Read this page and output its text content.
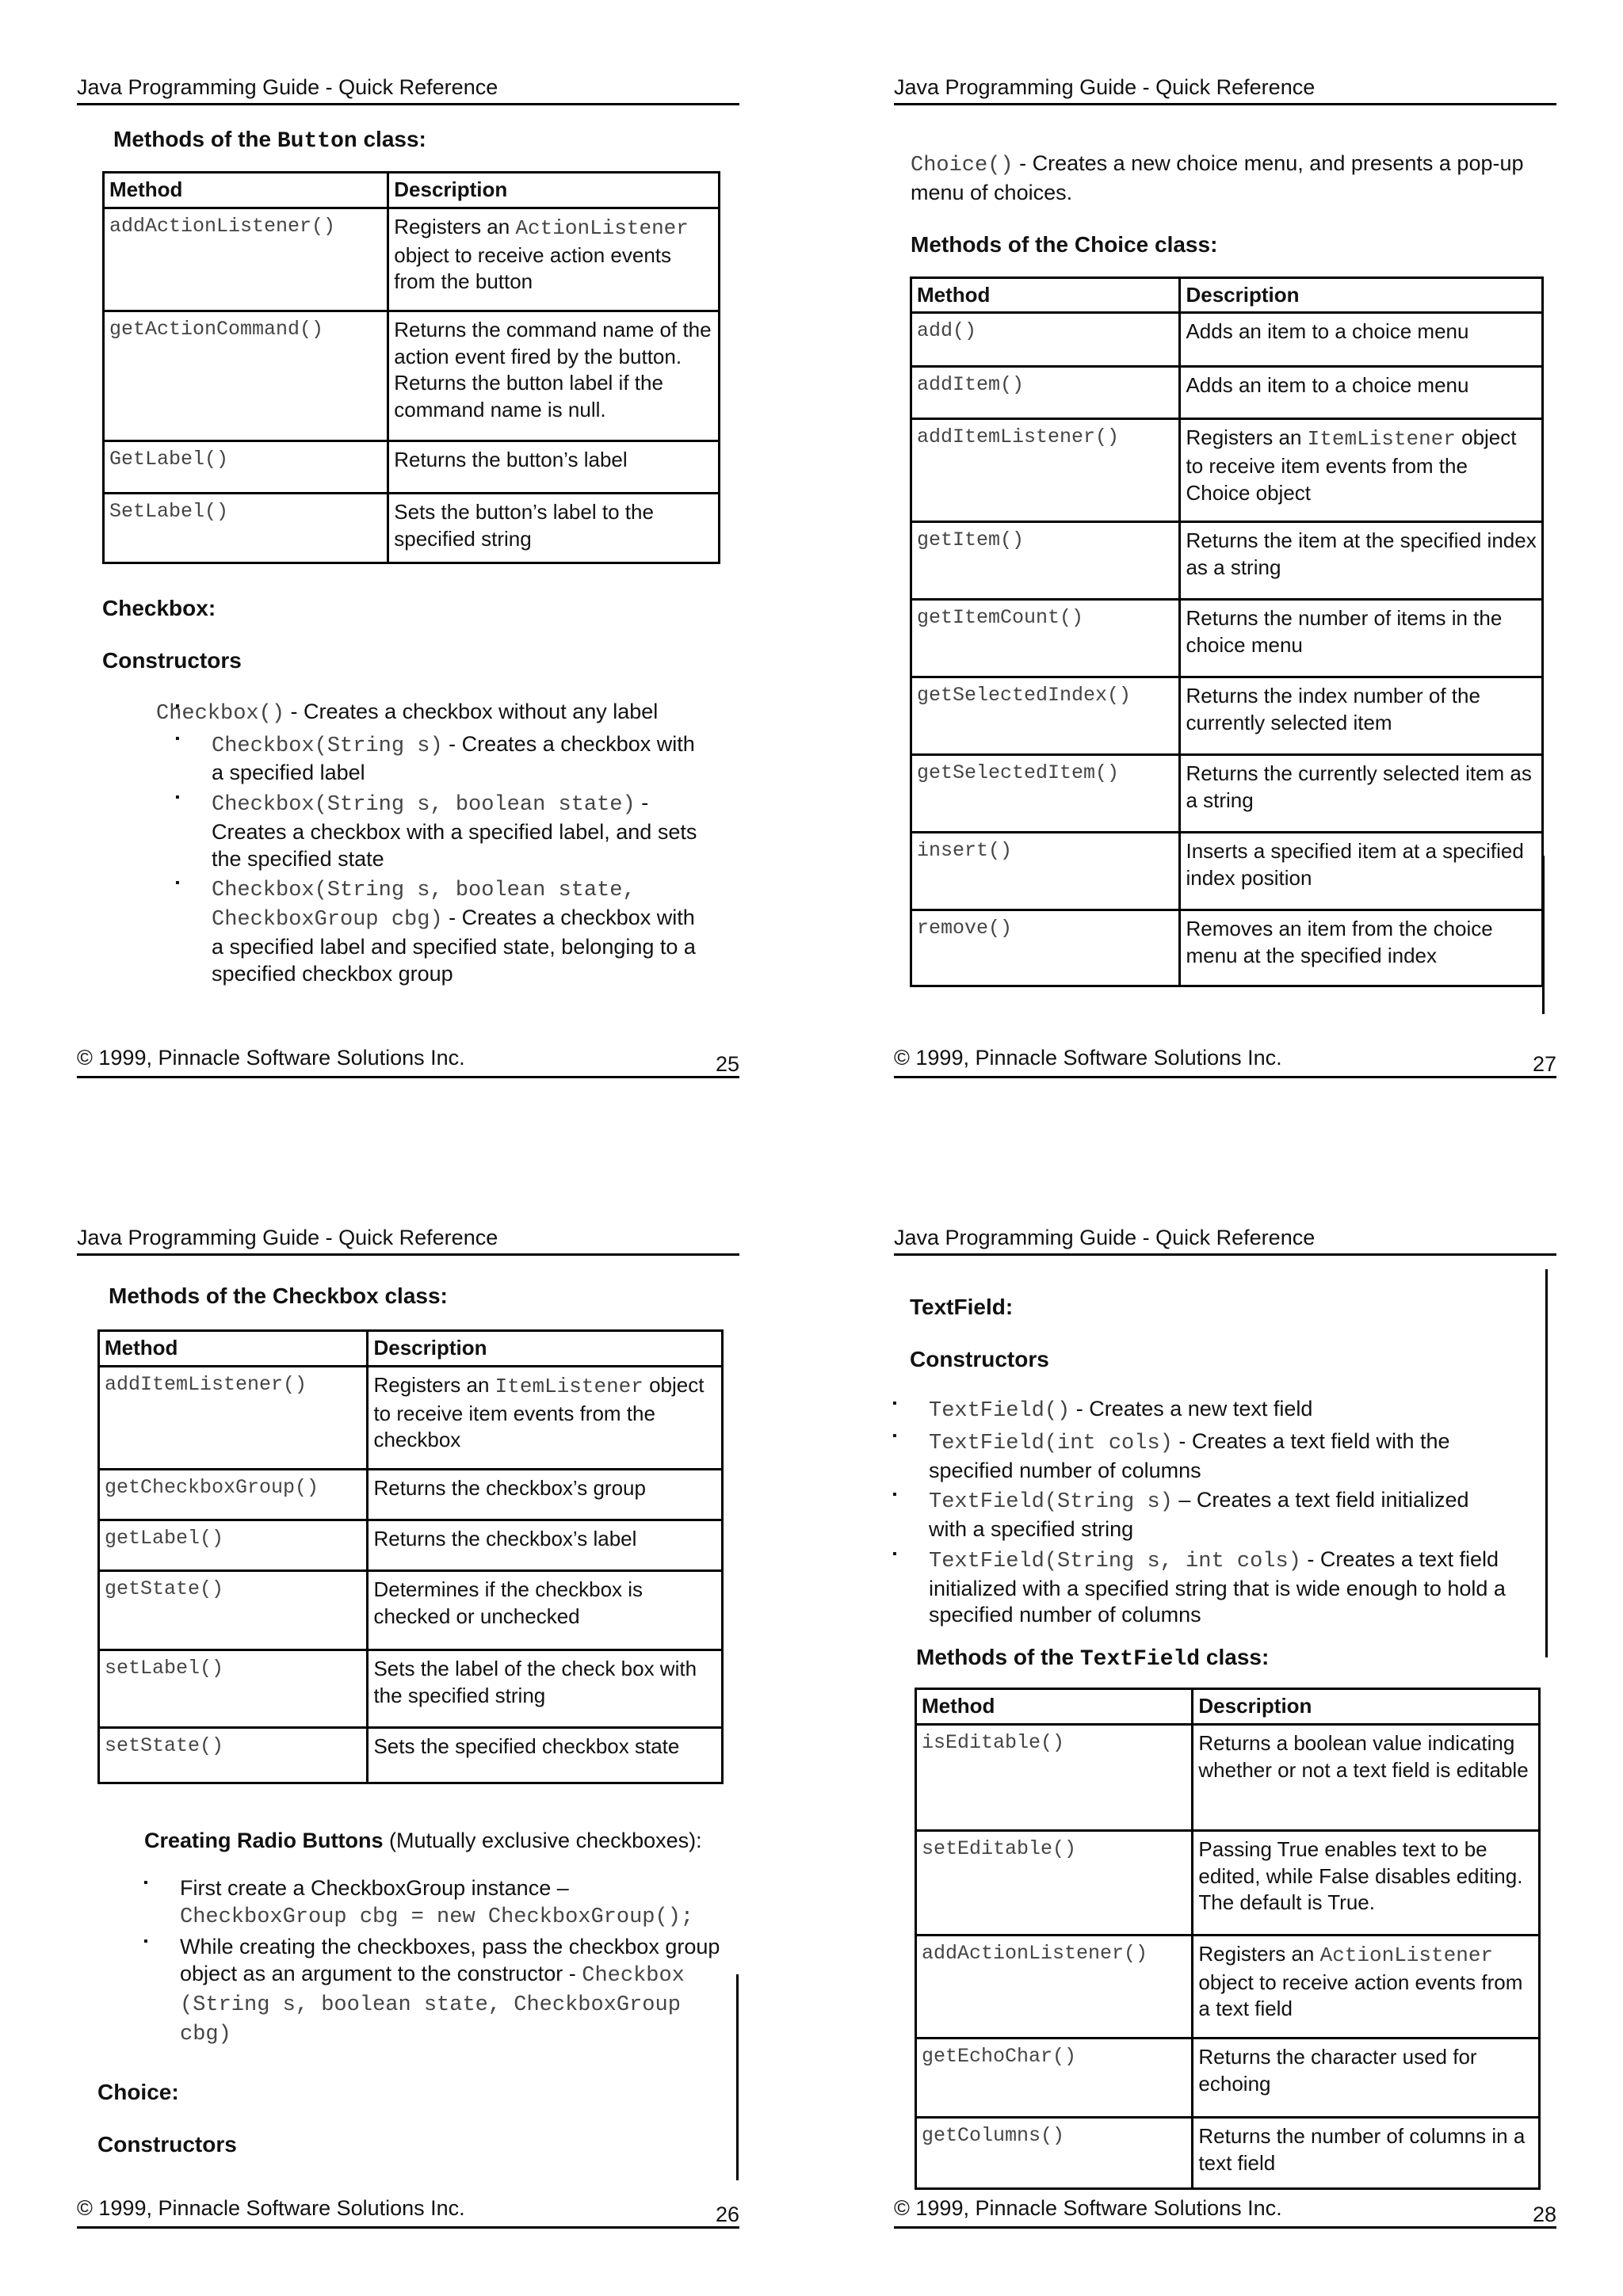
Java Programming Guide - Quick Reference
Methods of the Button class:
Method	Description
addActionListener()	Registers an ActionListener object to receive action events from the button
getActionCommand()	Returns the command name of the action event fired by the button. Returns the button label if the command name is null.
GetLabel()	Returns the button’s label
SetLabel()	Sets the button’s label to the specified string
Checkbox:
Constructors
▪ Checkbox() - Creates a checkbox without any label
▪ Checkbox(String s) - Creates a checkbox with a specified label
▪ Checkbox(String s, boolean state) - Creates a checkbox with a specified label, and sets the specified state
▪ Checkbox(String s, boolean state, CheckboxGroup cbg) - Creates a checkbox with a specified label and specified state, belonging to a specified checkbox group
© 1999, Pinnacle Software Solutions Inc.	25
Java Programming Guide - Quick Reference

Choice() - Creates a new choice menu, and presents a pop-up menu of choices.

Methods of the Choice class:
Method	Description
add()	Adds an item to a choice menu
addItem()	Adds an item to a choice menu
addItemListener()	Registers an ItemListener object to receive item events from the Choice object
getItem()	Returns the item at the specified index as a string
getItemCount()	Returns the number of items in the choice menu
getSelectedIndex()	Returns the index number of the currently selected item
getSelectedItem()	Returns the currently selected item as a string
insert()	Inserts a specified item at a specified index position
remove()	Removes an item from the choice menu at the specified index
© 1999, Pinnacle Software Solutions Inc.	27
Java Programming Guide - Quick Reference
Methods of the Checkbox class:
Method	Description
addItemListener()	Registers an ItemListener object to receive item events from the checkbox
getCheckboxGroup()	Returns the checkbox’s group
getLabel()	Returns the checkbox’s label
getState()	Determines if the checkbox is checked or unchecked
setLabel()	Sets the label of the check box with the specified string
setState()	Sets the specified checkbox state

Creating Radio Buttons (Mutually exclusive checkboxes):

▪ First create a CheckboxGroup instance –
CheckboxGroup cbg = new CheckboxGroup();
▪ While creating the checkboxes, pass the checkbox group object as an argument to the constructor - Checkbox (String s, boolean state, CheckboxGroup cbg)
Choice:
Constructors
© 1999, Pinnacle Software Solutions Inc.	26
Java Programming Guide - Quick Reference
TextField:
Constructors
▪ TextField() - Creates a new text field
▪ TextField(int cols) - Creates a text field with the specified number of columns
▪ TextField(String s) – Creates a text field initialized with a specified string
▪ TextField(String s, int cols) - Creates a text field initialized with a specified string that is wide enough to hold a specified number of columns
Methods of the TextField class:
Method	Description
isEditable()	Returns a boolean value indicating whether or not a text field is editable
setEditable()	Passing True enables text to be edited, while False disables editing. The default is True.
addActionListener()	Registers an ActionListener object to receive action events from a text field
getEchoChar()	Returns the character used for echoing
getColumns()	Returns the number of columns in a text field
© 1999, Pinnacle Software Solutions Inc.	28
